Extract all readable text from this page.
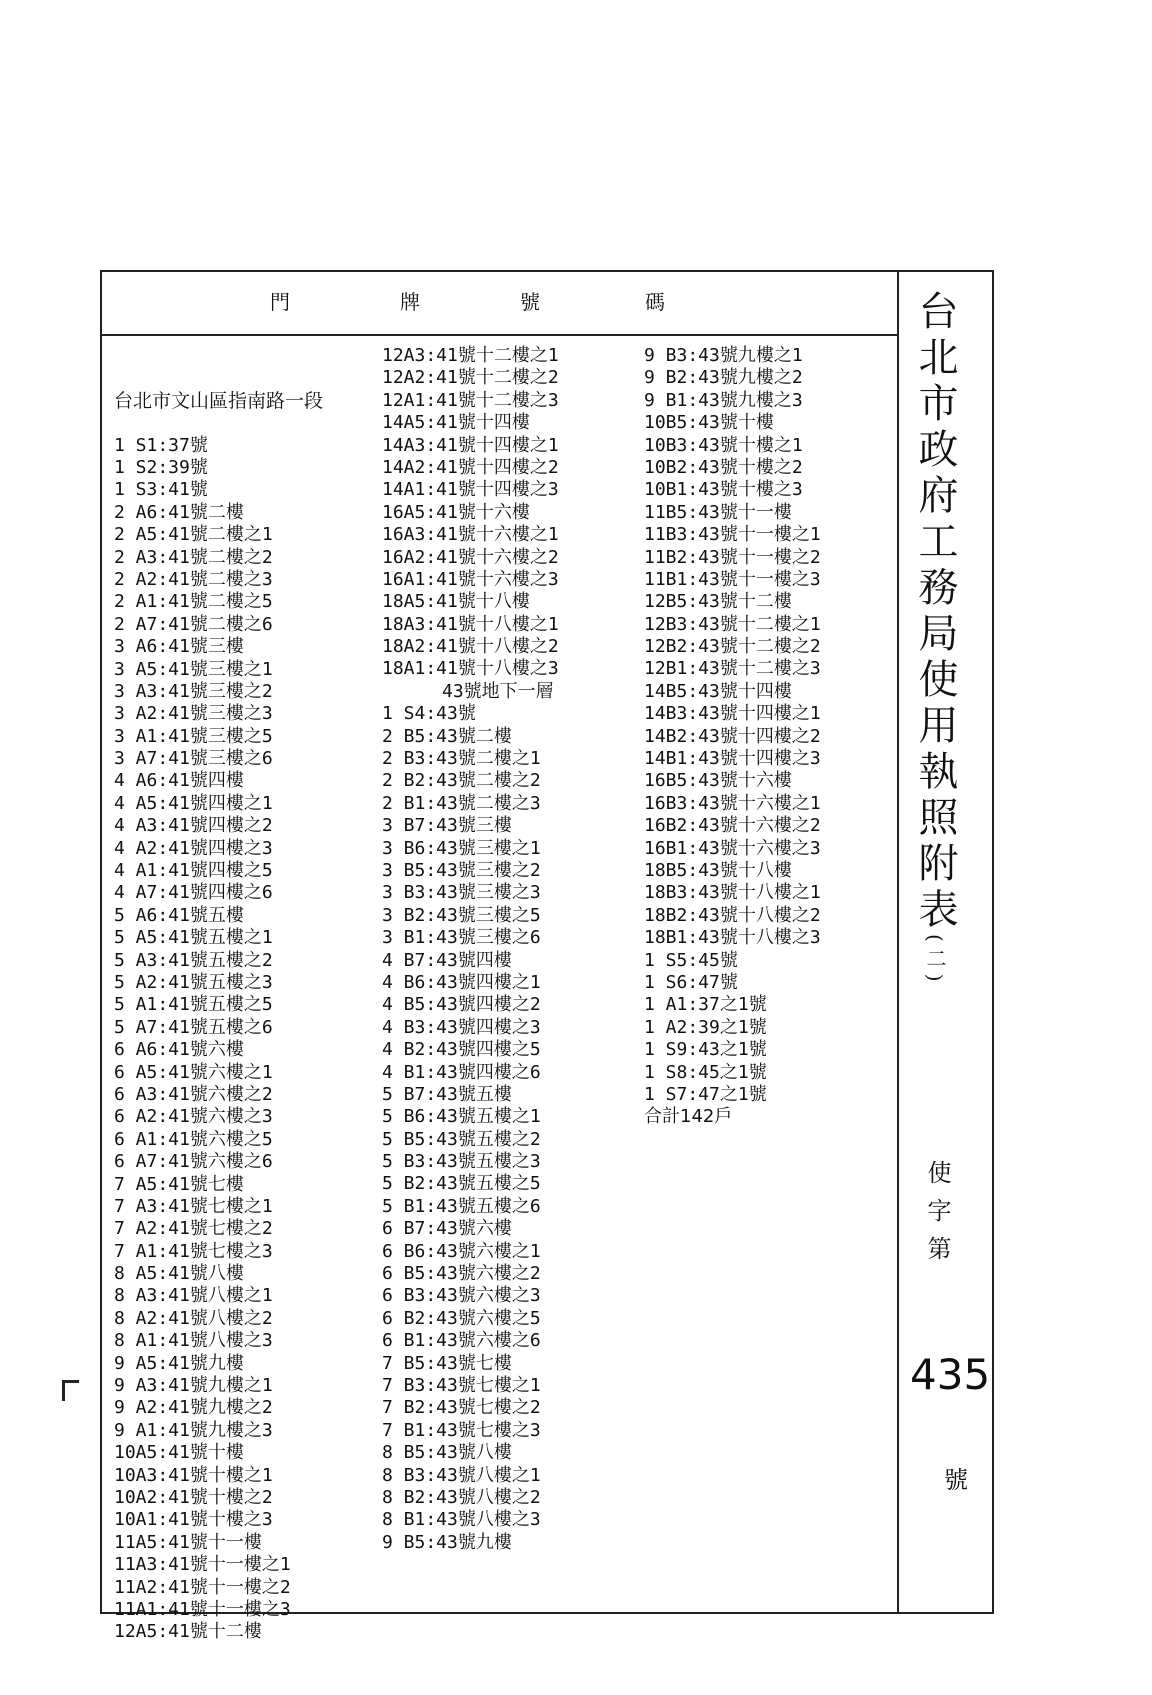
門	牌	號	碼	台北市政府工務局使用執照附表(二)
使字第
435
號

台北市文山區指南路一段

1 S1:37號
1 S2:39號
1 S3:41號
2 A6:41號二樓
2 A5:41號二樓之1
2 A3:41號二樓之2
2 A2:41號二樓之3
2 A1:41號二樓之5
2 A7:41號二樓之6
3 A6:41號三樓
3 A5:41號三樓之1
3 A3:41號三樓之2
3 A2:41號三樓之3
3 A1:41號三樓之5
3 A7:41號三樓之6
4 A6:41號四樓
4 A5:41號四樓之1
4 A3:41號四樓之2
4 A2:41號四樓之3
4 A1:41號四樓之5
4 A7:41號四樓之6
5 A6:41號五樓
5 A5:41號五樓之1
5 A3:41號五樓之2
5 A2:41號五樓之3
5 A1:41號五樓之5
5 A7:41號五樓之6
6 A6:41號六樓
6 A5:41號六樓之1
6 A3:41號六樓之2
6 A2:41號六樓之3
6 A1:41號六樓之5
6 A7:41號六樓之6
7 A5:41號七樓
7 A3:41號七樓之1
7 A2:41號七樓之2
7 A1:41號七樓之3
8 A5:41號八樓
8 A3:41號八樓之1
8 A2:41號八樓之2
8 A1:41號八樓之3
9 A5:41號九樓
9 A3:41號九樓之1
9 A2:41號九樓之2
9 A1:41號九樓之3
10A5:41號十樓
10A3:41號十樓之1
10A2:41號十樓之2
10A1:41號十樓之3
11A5:41號十一樓
11A3:41號十一樓之1
11A2:41號十一樓之2
11A1:41號十一樓之3
12A5:41號十二樓
12A3:41號十二樓之1
12A2:41號十二樓之2
12A1:41號十二樓之3
14A5:41號十四樓
14A3:41號十四樓之1
14A2:41號十四樓之2
14A1:41號十四樓之3
16A5:41號十六樓
16A3:41號十六樓之1
16A2:41號十六樓之2
16A1:41號十六樓之3
18A5:41號十八樓
18A3:41號十八樓之1
18A2:41號十八樓之2
18A1:41號十八樓之3
43號地下一層
1 S4:43號
2 B5:43號二樓
2 B3:43號二樓之1
2 B2:43號二樓之2
2 B1:43號二樓之3
3 B7:43號三樓
3 B6:43號三樓之1
3 B5:43號三樓之2
3 B3:43號三樓之3
3 B2:43號三樓之5
3 B1:43號三樓之6
4 B7:43號四樓
4 B6:43號四樓之1
4 B5:43號四樓之2
4 B3:43號四樓之3
4 B2:43號四樓之5
4 B1:43號四樓之6
5 B7:43號五樓
5 B6:43號五樓之1
5 B5:43號五樓之2
5 B3:43號五樓之3
5 B2:43號五樓之5
5 B1:43號五樓之6
6 B7:43號六樓
6 B6:43號六樓之1
6 B5:43號六樓之2
6 B3:43號六樓之3
6 B2:43號六樓之5
6 B1:43號六樓之6
7 B5:43號七樓
7 B3:43號七樓之1
7 B2:43號七樓之2
7 B1:43號七樓之3
8 B5:43號八樓
8 B3:43號八樓之1
8 B2:43號八樓之2
8 B1:43號八樓之3
9 B5:43號九樓
9 B3:43號九樓之1
9 B2:43號九樓之2
9 B1:43號九樓之3
10B5:43號十樓
10B3:43號十樓之1
10B2:43號十樓之2
10B1:43號十樓之3
11B5:43號十一樓
11B3:43號十一樓之1
11B2:43號十一樓之2
11B1:43號十一樓之3
12B5:43號十二樓
12B3:43號十二樓之1
12B2:43號十二樓之2
12B1:43號十二樓之3
14B5:43號十四樓
14B3:43號十四樓之1
14B2:43號十四樓之2
14B1:43號十四樓之3
16B5:43號十六樓
16B3:43號十六樓之1
16B2:43號十六樓之2
16B1:43號十六樓之3
18B5:43號十八樓
18B3:43號十八樓之1
18B2:43號十八樓之2
18B1:43號十八樓之3
1 S5:45號
1 S6:47號
1 A1:37之1號
1 A2:39之1號
1 S9:43之1號
1 S8:45之1號
1 S7:47之1號
合計142戶
